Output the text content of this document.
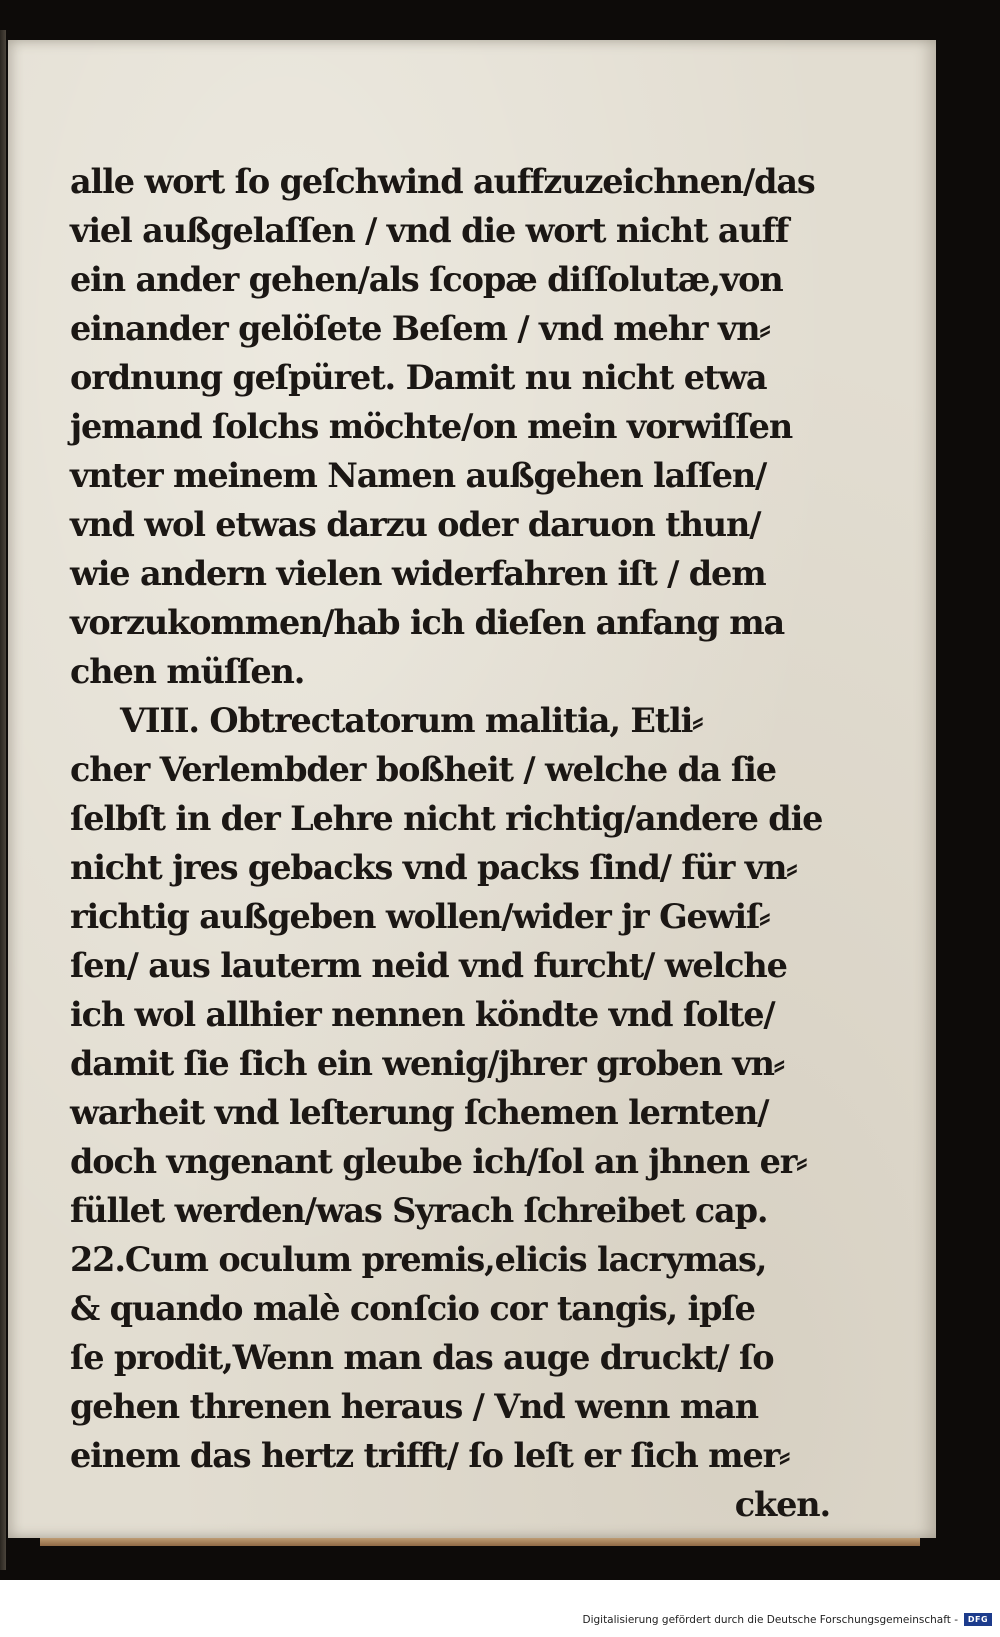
alle wort ſo geſchwind auffzuzeichnen/das
viel außgelaſſen / vnd die wort nicht auff
ein ander gehen/als ſcopæ diſſolutæ,von
einander gelöſete Beſem / vnd mehr vn⸗
ordnung geſpüret. Damit nu nicht etwa
jemand ſolchs möchte/on mein vorwiſſen
vnter meinem Namen außgehen laſſen/
vnd wol etwas darzu oder daruon thun/
wie andern vielen widerfahren iſt / dem
vorzukommen/hab ich dieſen anfang ma
chen müſſen.
VIII. Obtrectatorum malitia, Etli⸗
cher Verlembder boßheit / welche da ſie
ſelbſt in der Lehre nicht richtig/andere die
nicht jres gebacks vnd packs ſind/ für vn⸗
richtig außgeben wollen/wider jr Gewiſ⸗
ſen/ aus lauterm neid vnd furcht/ welche
ich wol allhier nennen köndte vnd ſolte/
damit ſie ſich ein wenig/jhrer groben vn⸗
warheit vnd leſterung ſchemen lernten/
doch vngenant gleube ich/ſol an jhnen er⸗
füllet werden/was Syrach ſchreibet cap.
22.Cum oculum premis,elicis lacrymas,
& quando malè conſcio cor tangis, ipſe
ſe prodit,Wenn man das auge druckt/ ſo
gehen threnen heraus / Vnd wenn man
einem das hertz trifft/ ſo leſt er ſich mer⸗
cken.
Digitalisierung gefördert durch die Deutsche Forschungsgemeinschaft -	DFG
